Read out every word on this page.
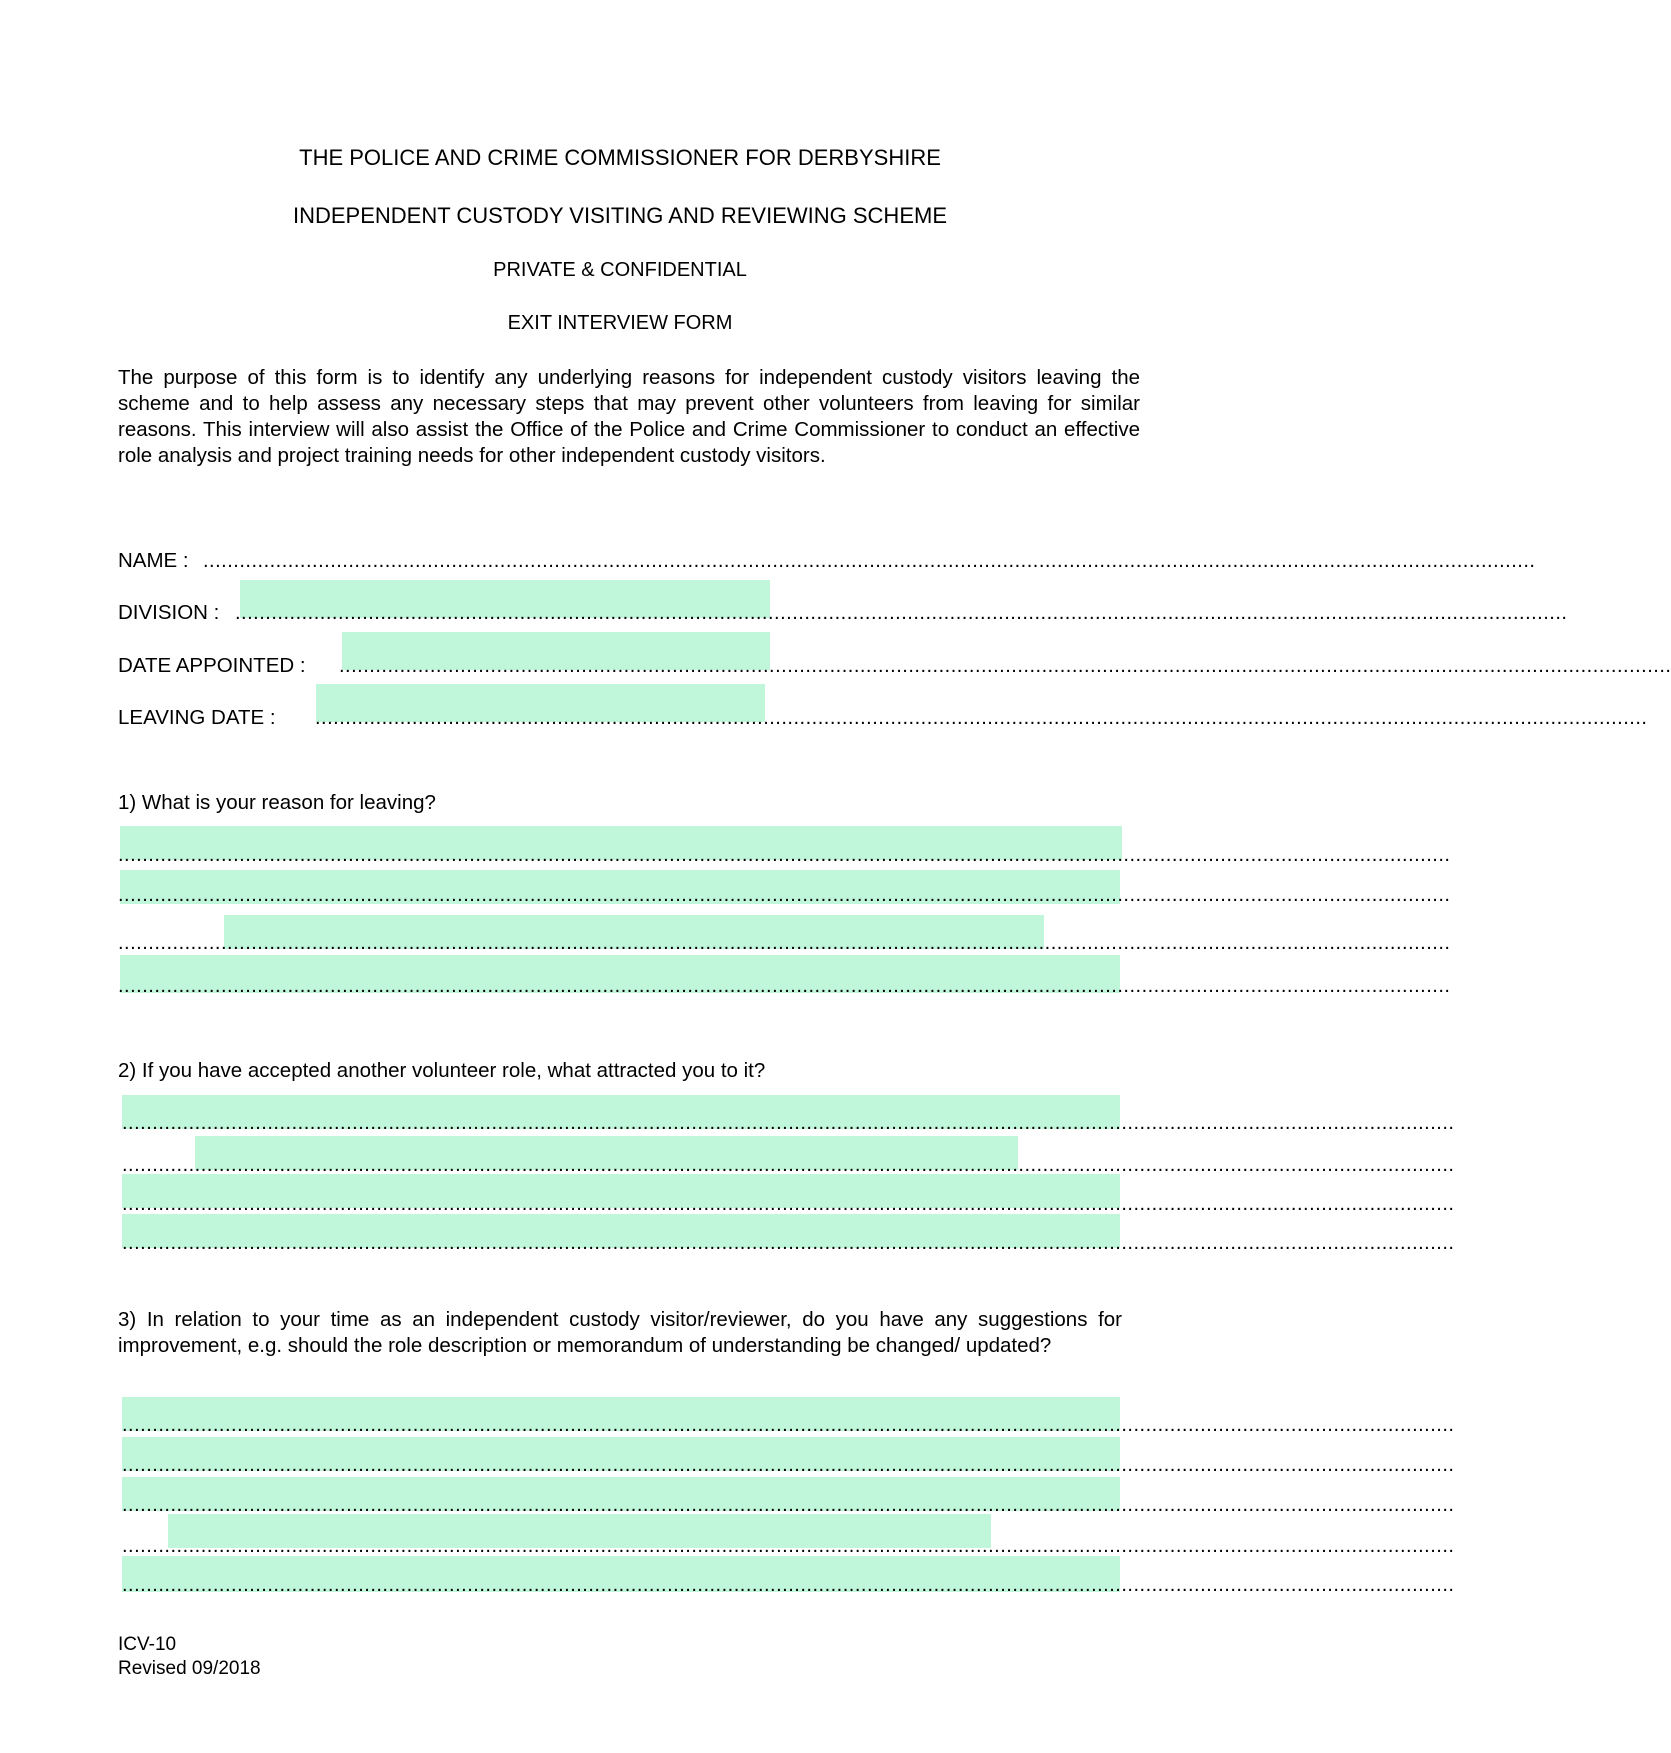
THE POLICE AND CRIME COMMISSIONER FOR DERBYSHIRE
INDEPENDENT CUSTODY VISITING AND REVIEWING SCHEME
PRIVATE & CONFIDENTIAL
EXIT INTERVIEW FORM
The purpose of this form is to identify any underlying reasons for independent custody visitors leaving the scheme and to help assess any necessary steps that may prevent other volunteers from leaving for similar reasons. This interview will also assist the Office of the Police and Crime Commissioner to conduct an effective role analysis and project training needs for other independent custody visitors.
NAME : ............................................................................................................................................................................................................................
DIVISION : ............................................................................................................................................................................................................................
DATE APPOINTED : ............................................................................................................................................................................................................................
LEAVING DATE : ............................................................................................................................................................................................................................
1) What is your reason for leaving?
............................................................................................................................................................................................................................
............................................................................................................................................................................................................................
............................................................................................................................................................................................................................
............................................................................................................................................................................................................................
2) If you have accepted another volunteer role, what attracted you to it?
............................................................................................................................................................................................................................
............................................................................................................................................................................................................................
............................................................................................................................................................................................................................
............................................................................................................................................................................................................................
3) In relation to your time as an independent custody visitor/reviewer, do you have any suggestions for improvement, e.g. should the role description or memorandum of understanding be changed/ updated?
............................................................................................................................................................................................................................
............................................................................................................................................................................................................................
............................................................................................................................................................................................................................
............................................................................................................................................................................................................................
............................................................................................................................................................................................................................
ICV-10
Revised 09/2018
